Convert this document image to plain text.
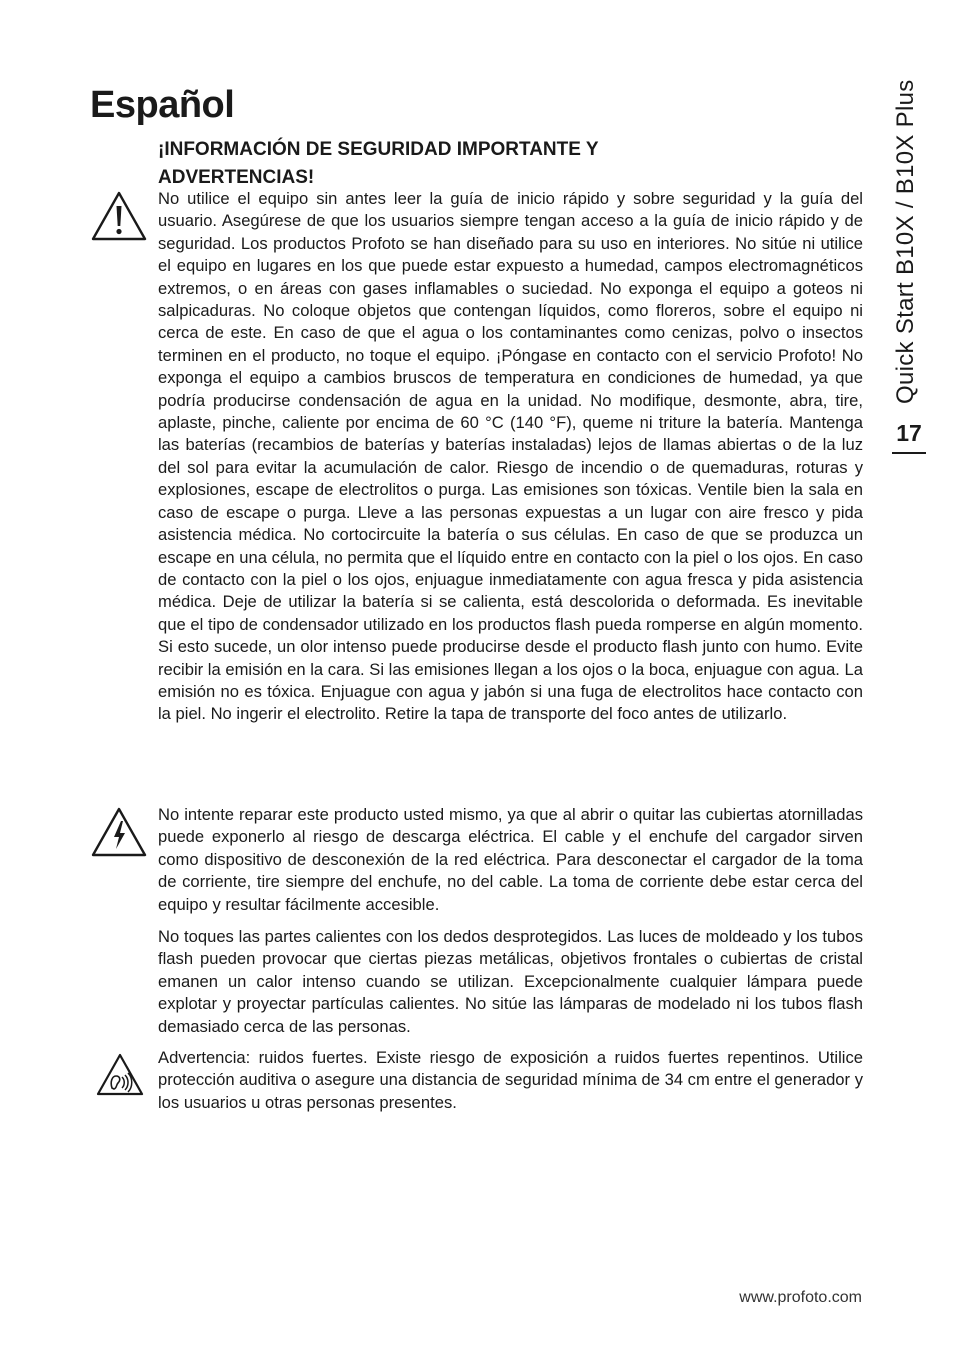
Español
¡INFORMACIÓN DE SEGURIDAD IMPORTANTE Y ADVERTENCIAS!

No utilice el equipo sin antes leer la guía de inicio rápido y sobre seguridad y la guía del usuario. Asegúrese de que los usuarios siempre tengan acceso a la guía de inicio rápido y de seguridad. Los productos Profoto se han diseñado para su uso en interiores. No sitúe ni utilice el equipo en lugares en los que puede estar expuesto a humedad, campos electromagnéticos extremos, o en áreas con gases inflamables o suciedad. No exponga el equipo a goteos ni salpicaduras. No coloque objetos que contengan líquidos, como floreros, sobre el equipo ni cerca de este. En caso de que el agua o los contaminantes como cenizas, polvo o insectos terminen en el producto, no toque el equipo. ¡Póngase en contacto con el servicio Profoto! No exponga el equipo a cambios bruscos de temperatura en condiciones de humedad, ya que podría producirse condensación de agua en la unidad. No modifique, desmonte, abra, tire, aplaste, pinche, caliente por encima de 60 °C (140 °F), queme ni triture la batería. Mantenga las baterías (recambios de baterías y baterías instaladas) lejos de llamas abiertas o de la luz del sol para evitar la acumulación de calor. Riesgo de incendio o de quemaduras, roturas y explosiones, escape de electrolitos o purga. Las emisiones son tóxicas. Ventile bien la sala en caso de escape o purga. Lleve a las personas expuestas a un lugar con aire fresco y pida asistencia médica. No cortocircuite la batería o sus células. En caso de que se produzca un escape en una célula, no permita que el líquido entre en contacto con la piel o los ojos. En caso de contacto con la piel o los ojos, enjuague inmediatamente con agua fresca y pida asistencia médica. Deje de utilizar la batería si se calienta, está descolorida o deformada. Es inevitable que el tipo de condensador utilizado en los productos flash pueda romperse en algún momento. Si esto sucede, un olor intenso puede producirse desde el producto flash junto con humo. Evite recibir la emisión en la cara. Si las emisiones llegan a los ojos o la boca, enjuague con agua. La emisión no es tóxica. Enjuague con agua y jabón si una fuga de electrolitos hace contacto con la piel. No ingerir el electrolito. Retire la tapa de transporte del foco antes de utilizarlo.

No intente reparar este producto usted mismo, ya que al abrir o quitar las cubiertas atornilladas puede exponerlo al riesgo de descarga eléctrica. El cable y el enchufe del cargador sirven como dispositivo de desconexión de la red eléctrica. Para desconectar el cargador de la toma de corriente, tire siempre del enchufe, no del cable. La toma de corriente debe estar cerca del equipo y resultar fácilmente accesible.

No toques las partes calientes con los dedos desprotegidos. Las luces de moldeado y los tubos flash pueden provocar que ciertas piezas metálicas, objetivos frontales o cubiertas de cristal emanen un calor intenso cuando se utilizan. Excepcionalmente cualquier lámpara puede explotar y proyectar partículas calientes. No sitúe las lámparas de modelado ni los tubos flash demasiado cerca de las personas.

Advertencia: ruidos fuertes. Existe riesgo de exposición a ruidos fuertes repentinos. Utilice protección auditiva o asegure una distancia de seguridad mínima de 34 cm entre el generador y los usuarios u otras personas presentes.

Quick Start B10X / B10X Plus
17
www.profoto.com
